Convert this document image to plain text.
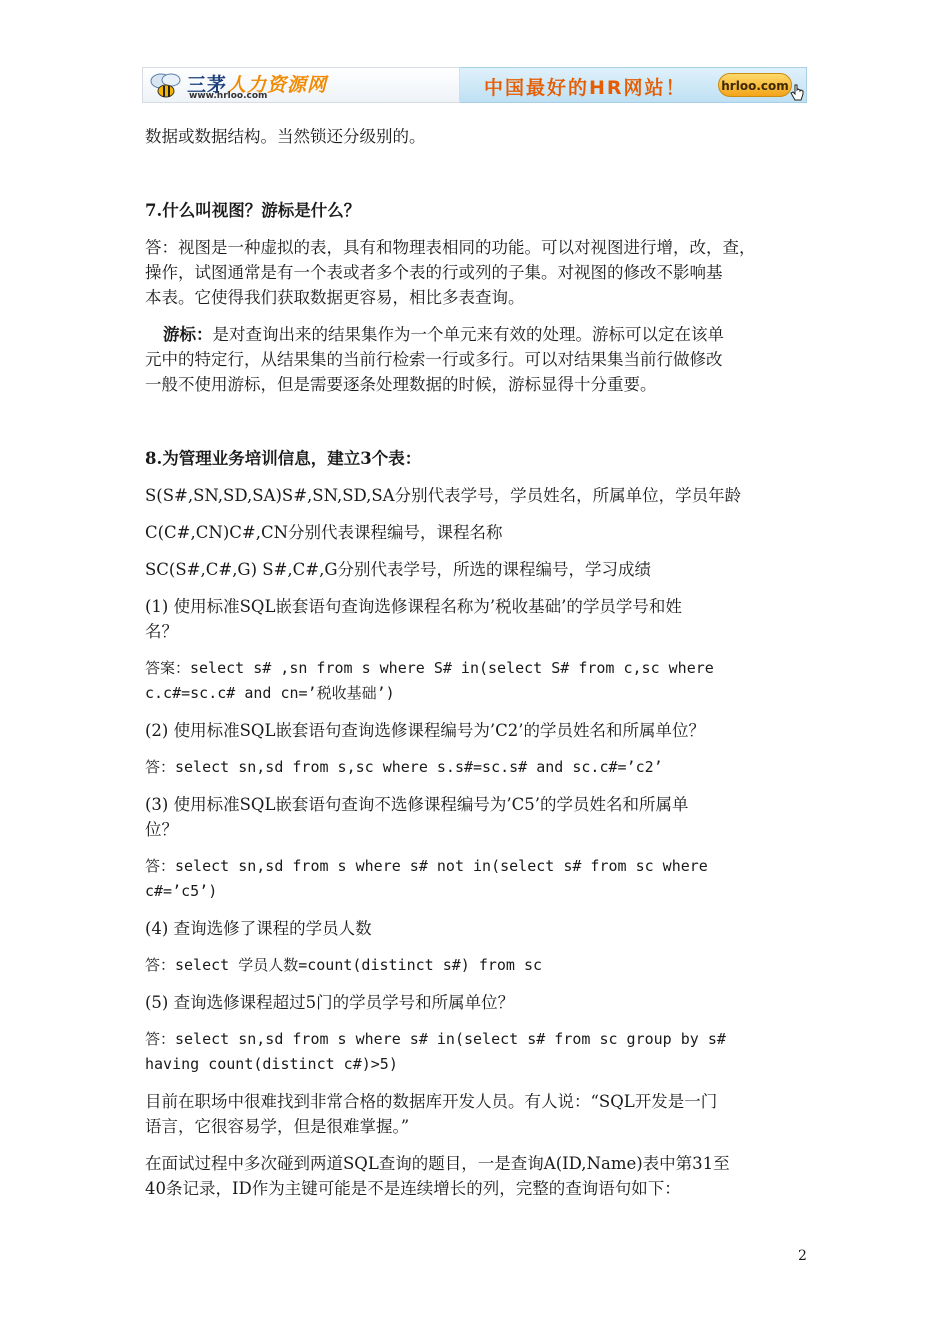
三茅人力资源网
www.hrloo.com	中国最好的HR网站！	hrloo.com

数据或数据结构。当然锁还分级别的。

7.什么叫视图？游标是什么？

答：视图是一种虚拟的表，具有和物理表相同的功能。可以对视图进行增，改，查，

操作，试图通常是有一个表或者多个表的行或列的子集。对视图的修改不影响基

本表。它使得我们获取数据更容易，相比多表查询。

游标：是对查询出来的结果集作为一个单元来有效的处理。游标可以定在该单

元中的特定行，从结果集的当前行检索一行或多行。可以对结果集当前行做修改

一般不使用游标，但是需要逐条处理数据的时候，游标显得十分重要。

8.为管理业务培训信息，建立3个表：

S(S#,SN,SD,SA)S#,SN,SD,SA分别代表学号，学员姓名，所属单位，学员年龄

C(C#,CN)C#,CN分别代表课程编号，课程名称

SC(S#,C#,G) S#,C#,G分别代表学号，所选的课程编号，学习成绩

(1) 使用标准SQL嵌套语句查询选修课程名称为’税收基础’的学员学号和姓

名？

答案：select s# ,sn from s where S# in(select S# from c,sc where

c.c#=sc.c# and cn=’税收基础’)

(2) 使用标准SQL嵌套语句查询选修课程编号为’C2’的学员姓名和所属单位？

答：select sn,sd from s,sc where s.s#=sc.s# and sc.c#=’c2’

(3) 使用标准SQL嵌套语句查询不选修课程编号为’C5’的学员姓名和所属单

位？

答：select sn,sd from s where s# not in(select s# from sc where

c#=’c5’)

(4) 查询选修了课程的学员人数

答：select 学员人数=count(distinct s#) from sc

(5) 查询选修课程超过5门的学员学号和所属单位？

答：select sn,sd from s where s# in(select s# from sc group by s#

having count(distinct c#)>5)

目前在职场中很难找到非常合格的数据库开发人员。有人说：“SQL开发是一门

语言，它很容易学，但是很难掌握。”

在面试过程中多次碰到两道SQL查询的题目，一是查询A(ID,Name)表中第31至

40条记录，ID作为主键可能是不是连续增长的列，完整的查询语句如下：

2
